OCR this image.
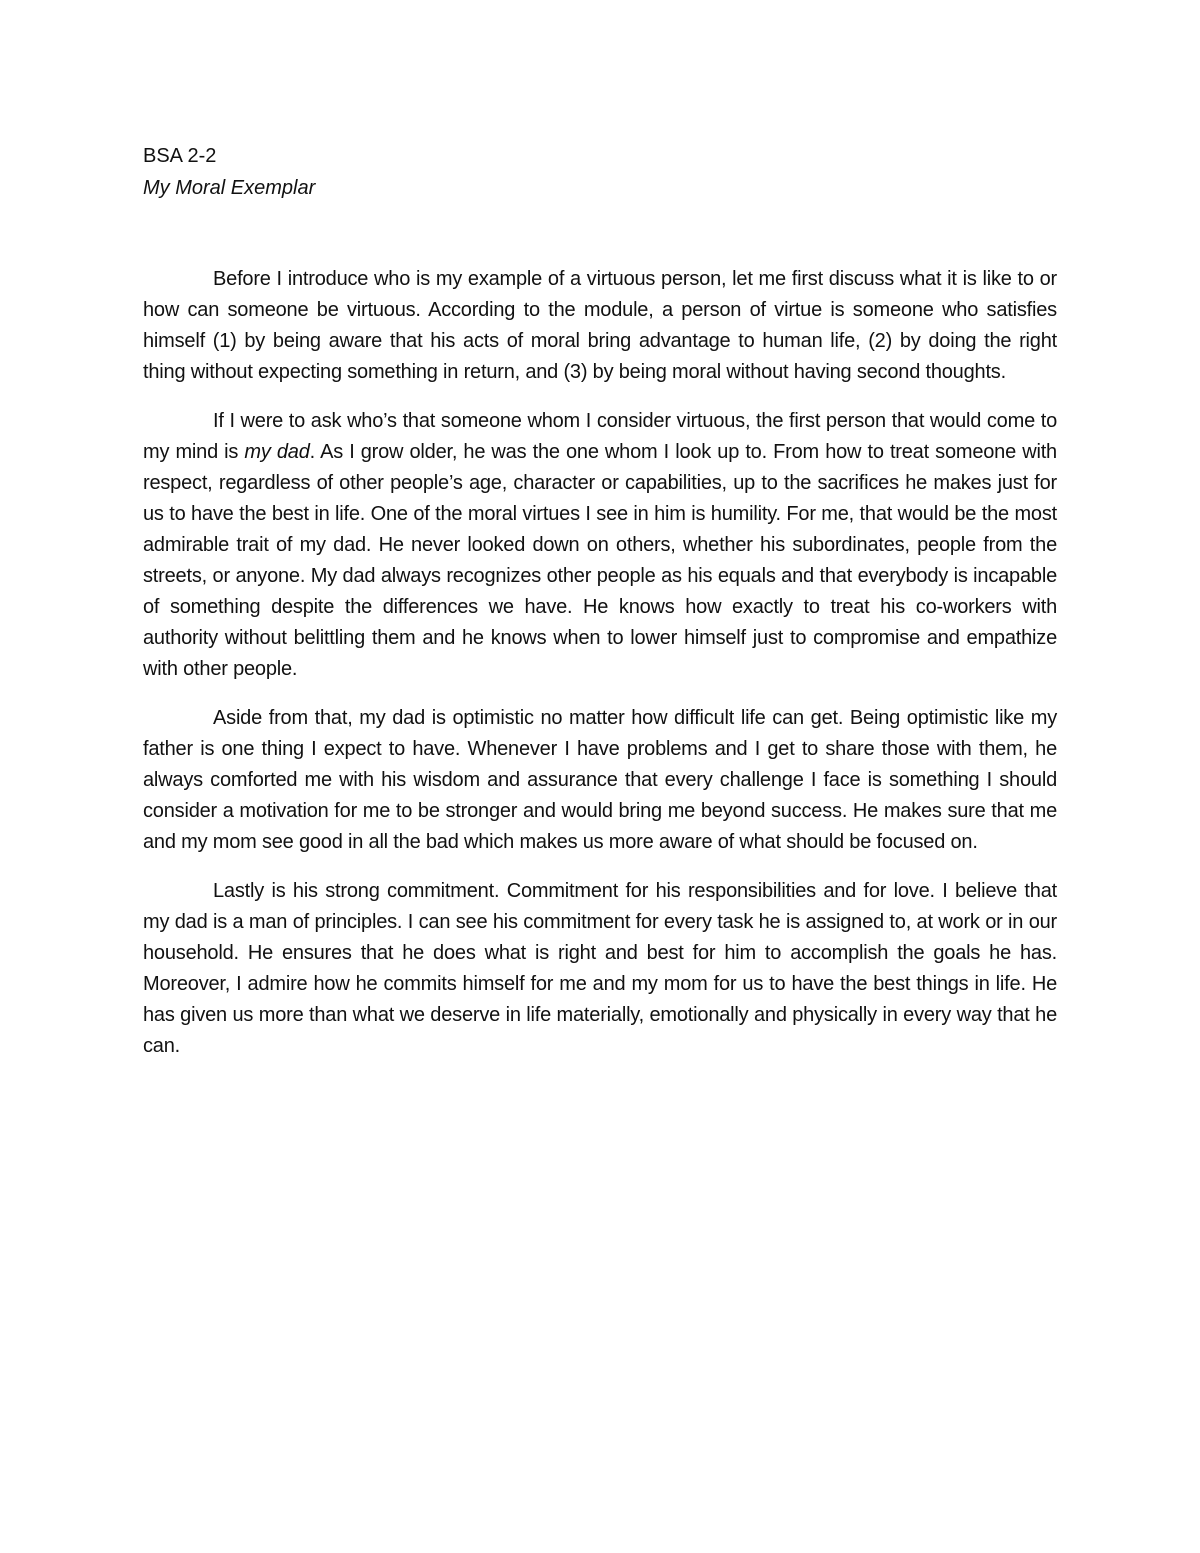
BSA 2-2

My Moral Exemplar

Before I introduce who is my example of a virtuous person, let me first discuss what it is like to or how can someone be virtuous. According to the module, a person of virtue is someone who satisfies himself (1) by being aware that his acts of moral bring advantage to human life, (2) by doing the right thing without expecting something in return, and (3) by being moral without having second thoughts.

If I were to ask who’s that someone whom I consider virtuous, the first person that would come to my mind is my dad. As I grow older, he was the one whom I look up to. From how to treat someone with respect, regardless of other people’s age, character or capabilities, up to the sacrifices he makes just for us to have the best in life. One of the moral virtues I see in him is humility. For me, that would be the most admirable trait of my dad. He never looked down on others, whether his subordinates, people from the streets, or anyone. My dad always recognizes other people as his equals and that everybody is incapable of something despite the differences we have. He knows how exactly to treat his co-workers with authority without belittling them and he knows when to lower himself just to compromise and empathize with other people.

Aside from that, my dad is optimistic no matter how difficult life can get. Being optimistic like my father is one thing I expect to have. Whenever I have problems and I get to share those with them, he always comforted me with his wisdom and assurance that every challenge I face is something I should consider a motivation for me to be stronger and would bring me beyond success. He makes sure that me and my mom see good in all the bad which makes us more aware of what should be focused on.

Lastly is his strong commitment. Commitment for his responsibilities and for love. I believe that my dad is a man of principles. I can see his commitment for every task he is assigned to, at work or in our household. He ensures that he does what is right and best for him to accomplish the goals he has. Moreover, I admire how he commits himself for me and my mom for us to have the best things in life. He has given us more than what we deserve in life materially, emotionally and physically in every way that he can.
